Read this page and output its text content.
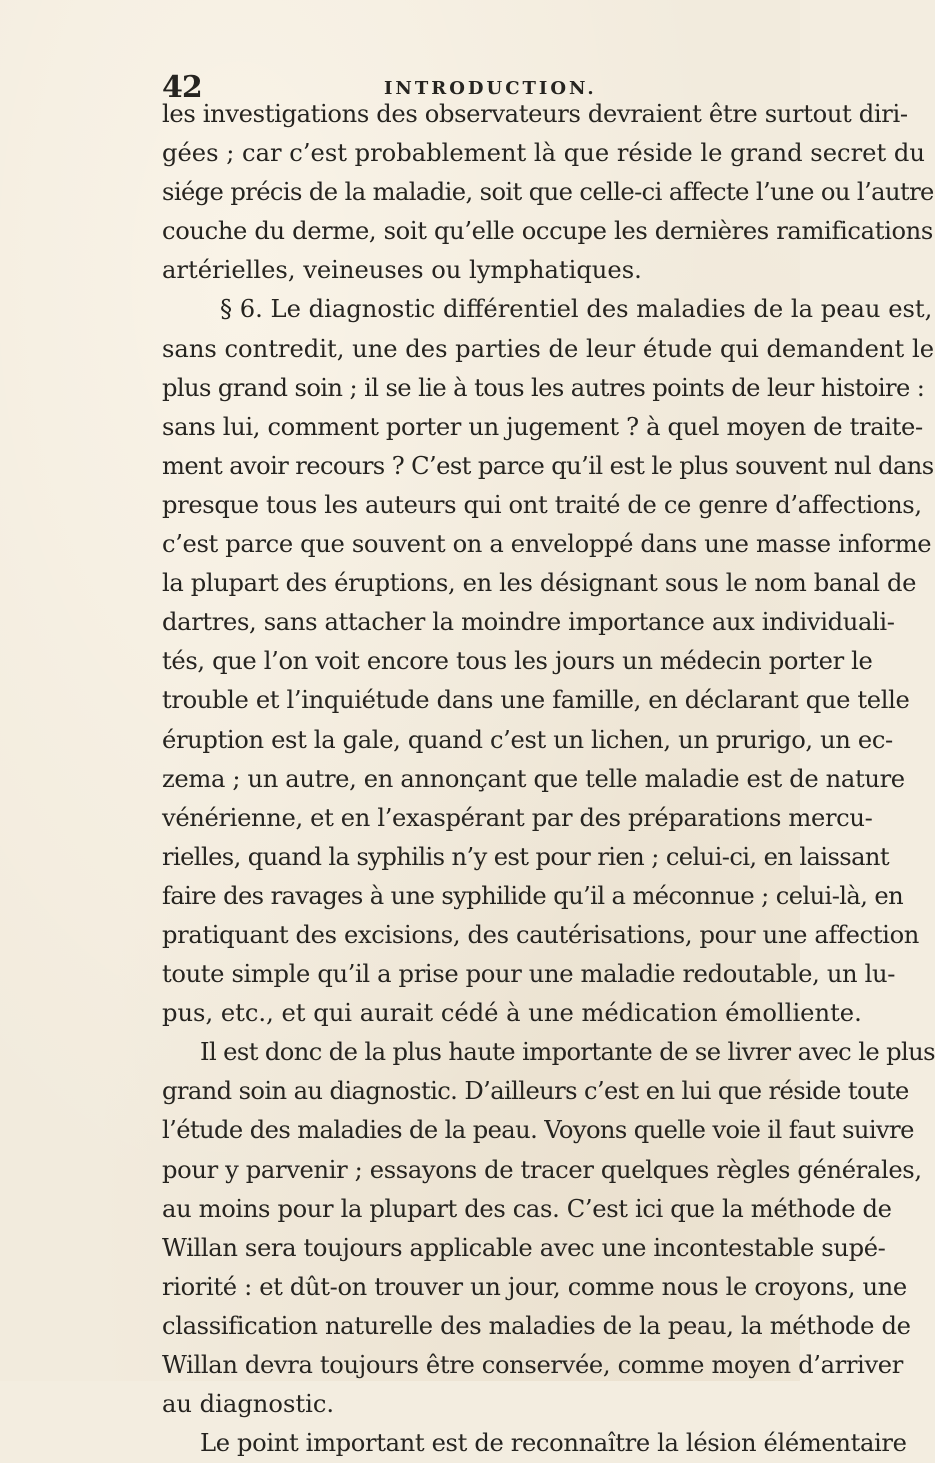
42	INTRODUCTION.
les investigations des observateurs devraient être surtout diri-
gées ; car c’est probablement là que réside le grand secret du
siége précis de la maladie, soit que celle-ci affecte l’une ou l’autre
couche du derme, soit qu’elle occupe les dernières ramifications
artérielles, veineuses ou lymphatiques.
§ 6. Le diagnostic différentiel des maladies de la peau est,
sans contredit, une des parties de leur étude qui demandent le
plus grand soin ; il se lie à tous les autres points de leur histoire :
sans lui, comment porter un jugement ? à quel moyen de traite-
ment avoir recours ? C’est parce qu’il est le plus souvent nul dans
presque tous les auteurs qui ont traité de ce genre d’affections,
c’est parce que souvent on a enveloppé dans une masse informe
la plupart des éruptions, en les désignant sous le nom banal de
dartres, sans attacher la moindre importance aux individuali-
tés, que l’on voit encore tous les jours un médecin porter le
trouble et l’inquiétude dans une famille, en déclarant que telle
éruption est la gale, quand c’est un lichen, un prurigo, un ec-
zema ; un autre, en annonçant que telle maladie est de nature
vénérienne, et en l’exaspérant par des préparations mercu-
rielles, quand la syphilis n’y est pour rien ; celui-ci, en laissant
faire des ravages à une syphilide qu’il a méconnue ; celui-là, en
pratiquant des excisions, des cautérisations, pour une affection
toute simple qu’il a prise pour une maladie redoutable, un lu-
pus, etc., et qui aurait cédé à une médication émolliente.
Il est donc de la plus haute importante de se livrer avec le plus
grand soin au diagnostic. D’ailleurs c’est en lui que réside toute
l’étude des maladies de la peau. Voyons quelle voie il faut suivre
pour y parvenir ; essayons de tracer quelques règles générales,
au moins pour la plupart des cas. C’est ici que la méthode de
Willan sera toujours applicable avec une incontestable supé-
riorité : et dût-on trouver un jour, comme nous le croyons, une
classification naturelle des maladies de la peau, la méthode de
Willan devra toujours être conservée, comme moyen d’arriver
au diagnostic.
Le point important est de reconnaître la lésion élémentaire
